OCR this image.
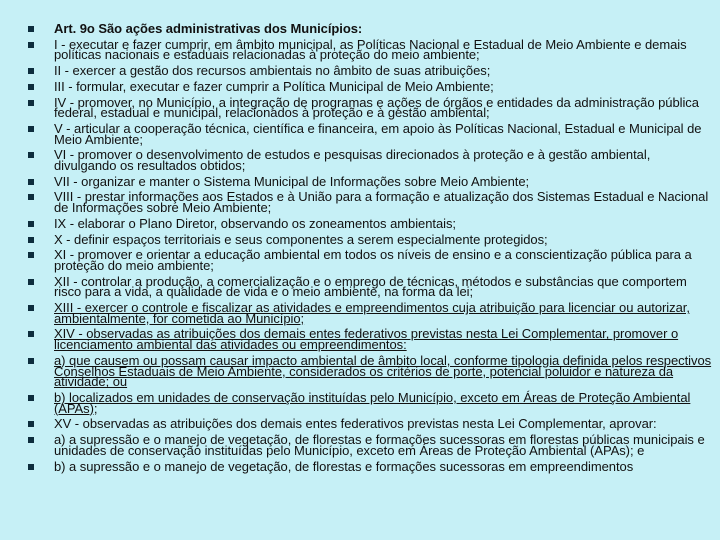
Art. 9o São ações administrativas dos Municípios:
I - executar e fazer cumprir, em âmbito municipal, as Políticas Nacional e Estadual de Meio Ambiente e demais políticas nacionais e estaduais relacionadas à proteção do meio ambiente;
II - exercer a gestão dos recursos ambientais no âmbito de suas atribuições;
III - formular, executar e fazer cumprir a Política Municipal de Meio Ambiente;
IV - promover, no Município, a integração de programas e ações de órgãos e entidades da administração pública federal, estadual e municipal, relacionados à proteção e à gestão ambiental;
V - articular a cooperação técnica, científica e financeira, em apoio às Políticas Nacional, Estadual e Municipal de Meio Ambiente;
VI - promover o desenvolvimento de estudos e pesquisas direcionados à proteção e à gestão ambiental, divulgando os resultados obtidos;
VII - organizar e manter o Sistema Municipal de Informações sobre Meio Ambiente;
VIII - prestar informações aos Estados e à União para a formação e atualização dos Sistemas Estadual e Nacional de Informações sobre Meio Ambiente;
IX - elaborar o Plano Diretor, observando os zoneamentos ambientais;
X - definir espaços territoriais e seus componentes a serem especialmente protegidos;
XI - promover e orientar a educação ambiental em todos os níveis de ensino e a conscientização pública para a proteção do meio ambiente;
XII - controlar a produção, a comercialização e o emprego de técnicas, métodos e substâncias que comportem risco para a vida, a qualidade de vida e o meio ambiente, na forma da lei;
XIII - exercer o controle e fiscalizar as atividades e empreendimentos cuja atribuição para licenciar ou autorizar, ambientalmente, for cometida ao Município;
XIV - observadas as atribuições dos demais entes federativos previstas nesta Lei Complementar, promover o licenciamento ambiental das atividades ou empreendimentos:
a) que causem ou possam causar impacto ambiental de âmbito local, conforme tipologia definida pelos respectivos Conselhos Estaduais de Meio Ambiente, considerados os critérios de porte, potencial poluidor e natureza da atividade; ou
b) localizados em unidades de conservação instituídas pelo Município, exceto em Áreas de Proteção Ambiental (APAs);
XV - observadas as atribuições dos demais entes federativos previstas nesta Lei Complementar, aprovar:
a) a supressão e o manejo de vegetação, de florestas e formações sucessoras em florestas públicas municipais e unidades de conservação instituídas pelo Município, exceto em Áreas de Proteção Ambiental (APAs); e
b) a supressão e o manejo de vegetação, de florestas e formações sucessoras em empreendimentos
